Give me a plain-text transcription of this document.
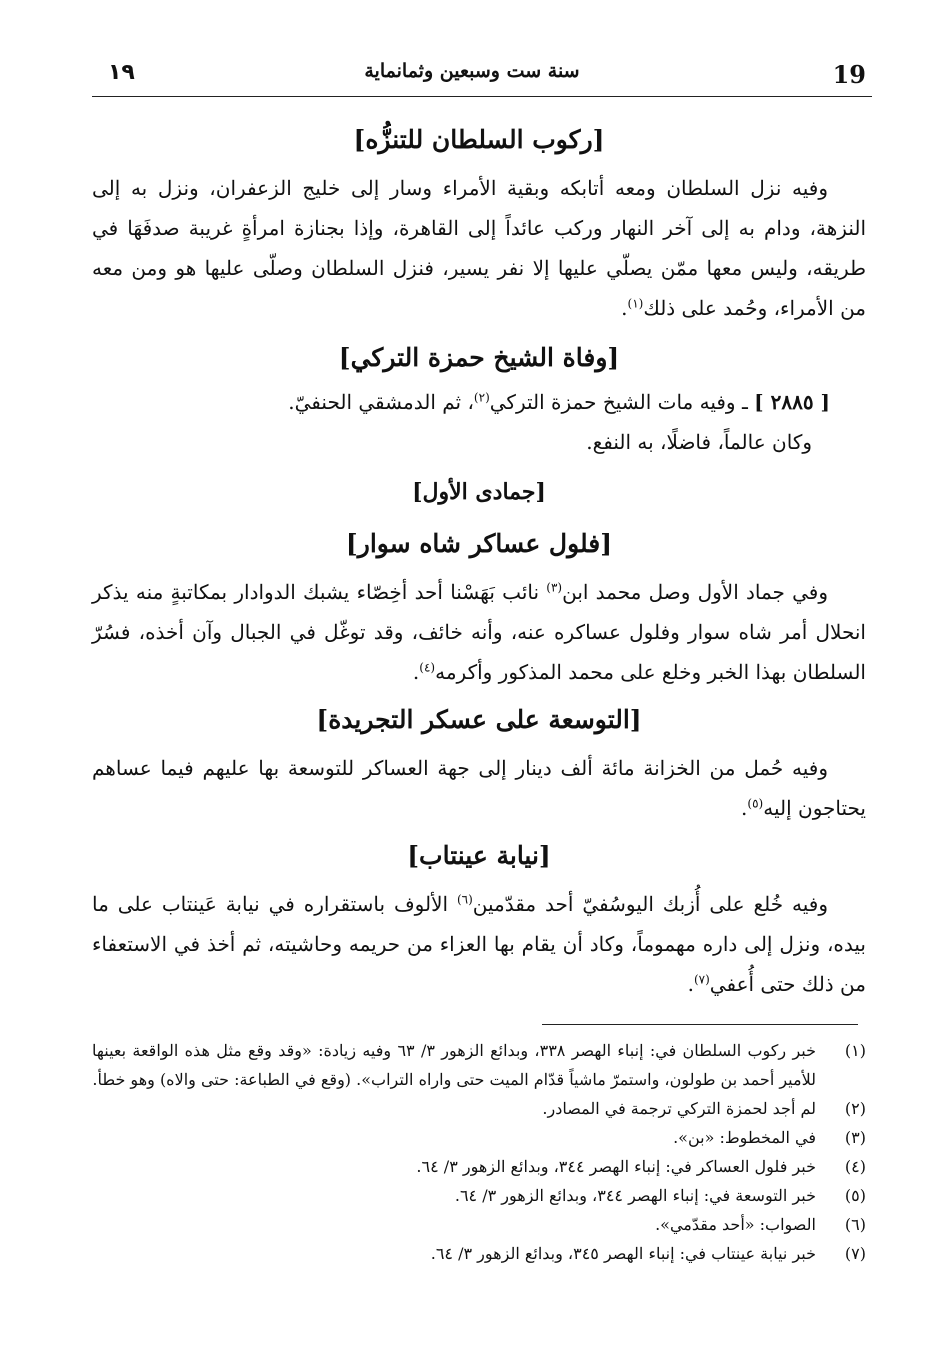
١٩	سنة ست وسبعين وثمانماية	19
[ركوب السلطان للتنزُّه]
وفيه نزل السلطان ومعه أتابكه وبقية الأمراء وسار إلى خليج الزعفران، ونزل به إلى النزهة، ودام به إلى آخر النهار وركب عائداً إلى القاهرة، وإذا بجنازة امرأةٍ غريبة صدفَهَا في طريقه، وليس معها ممّن يصلّي عليها إلا نفر يسير، فنزل السلطان وصلّى عليها هو ومن معه من الأمراء، وحُمد على ذلك$^{(١)}$.
[وفاة الشيخ حمزة التركي]
[ ٢٨٨٥ ] ـ وفيه مات الشيخ حمزة التركي$^{(٢)}$، ثم الدمشقي الحنفيّ.
وكان عالماً، فاضلًا، به النفع.
[جمادى الأول]
[فلول عساكر شاه سوار]
وفي جماد الأول وصل محمد ابن$^{(٣)}$ نائب بَهَسْنا أحد أخِصّاء يشبك الدوادار بمكاتبةٍ منه يذكر انحلال أمر شاه سوار وفلول عساكره عنه، وأنه خائف، وقد توغّل في الجبال وآن أخذه، فسُرّ السلطان بهذا الخبر وخلع على محمد المذكور وأكرمه$^{(٤)}$.
[التوسعة على عسكر التجريدة]
وفيه حُمل من الخزانة مائة ألف دينار إلى جهة العساكر للتوسعة بها عليهم فيما عساهم يحتاجون إليه$^{(٥)}$.
[نيابة عينتاب]
وفيه خُلع على أُزبك اليوسُفيّ أحد مقدّمين$^{(٦)}$ الألوف باستقراره في نيابة عَينتاب على ما بيده، ونزل إلى داره مهموماً، وكاد أن يقام بها العزاء من حريمه وحاشيته، ثم أخذ في الاستعفاء من ذلك حتى أُعفي$^{(٧)}$.
(١)
خبر ركوب السلطان في: إنباء الهصر ٣٣٨، وبدائع الزهور ٣/ ٦٣ وفيه زيادة: «وقد وقع مثل هذه الواقعة بعينها للأمير أحمد بن طولون، واستمرّ ماشياً قدّام الميت حتى واراه التراب». (وقع في الطباعة: حتى والاه) وهو خطأ.
(٢)
لم أجد لحمزة التركي ترجمة في المصادر.
(٣)
في المخطوط: «بن».
(٤)
خبر فلول العساكر في: إنباء الهصر ٣٤٤، وبدائع الزهور ٣/ ٦٤.
(٥)
خبر التوسعة في: إنباء الهصر ٣٤٤، وبدائع الزهور ٣/ ٦٤.
(٦)
الصواب: «أحد مقدّمي».
(٧)
خبر نيابة عينتاب في: إنباء الهصر ٣٤٥، وبدائع الزهور ٣/ ٦٤.
